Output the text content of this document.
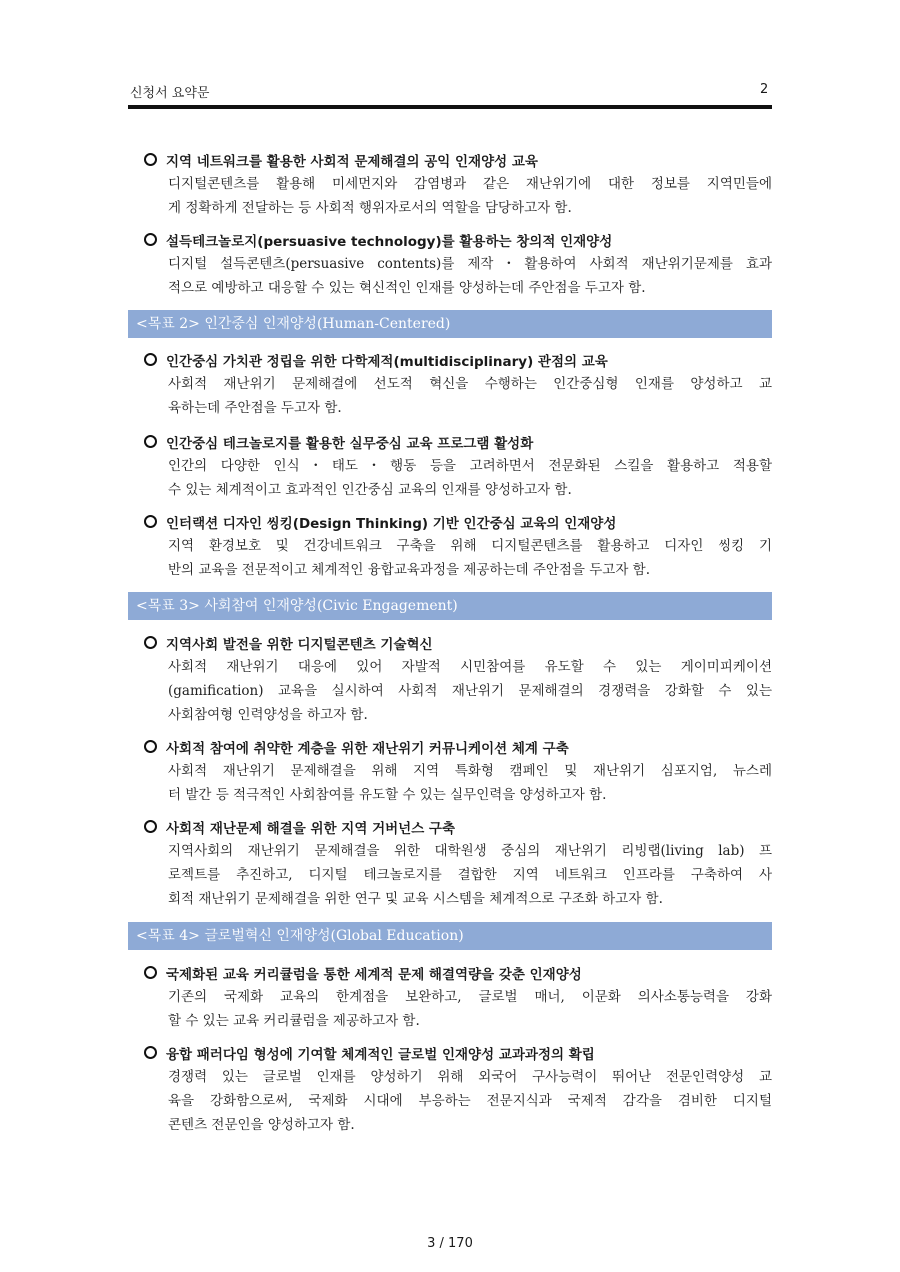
신청서 요약문	2
지역 네트워크를 활용한 사회적 문제해결의 공익 인재양성 교육
디지털콘텐츠를 활용해 미세먼지와 감염병과 같은 재난위기에 대한 정보를 지역민들에
게 정확하게 전달하는 등 사회적 행위자로서의 역할을 담당하고자 함.
설득테크놀로지(persuasive technology)를 활용하는 창의적 인재양성
디지털 설득콘텐츠(persuasive contents)를 제작・활용하여 사회적 재난위기문제를 효과
적으로 예방하고 대응할 수 있는 혁신적인 인재를 양성하는데 주안점을 두고자 함.
<목표 2> 인간중심 인재양성(Human-Centered)
인간중심 가치관 정립을 위한 다학제적(multidisciplinary) 관점의 교육
사회적 재난위기 문제해결에 선도적 혁신을 수행하는 인간중심형 인재를 양성하고 교
육하는데 주안점을 두고자 함.
인간중심 테크놀로지를 활용한 실무중심 교육 프로그램 활성화
인간의 다양한 인식・태도・행동 등을 고려하면서 전문화된 스킬을 활용하고 적용할
수 있는 체계적이고 효과적인 인간중심 교육의 인재를 양성하고자 함.
인터랙션 디자인 씽킹(Design Thinking) 기반 인간중심 교육의 인재양성
지역 환경보호 및 건강네트워크 구축을 위해 디지털콘텐츠를 활용하고 디자인 씽킹 기
반의 교육을 전문적이고 체계적인 융합교육과정을 제공하는데 주안점을 두고자 함.
<목표 3> 사회참여 인재양성(Civic Engagement)
지역사회 발전을 위한 디지털콘텐츠 기술혁신
사회적 재난위기 대응에 있어 자발적 시민참여를 유도할 수 있는 게이미피케이션
(gamification) 교육을 실시하여 사회적 재난위기 문제해결의 경쟁력을 강화할 수 있는
사회참여형 인력양성을 하고자 함.
사회적 참여에 취약한 계층을 위한 재난위기 커뮤니케이션 체계 구축
사회적 재난위기 문제해결을 위해 지역 특화형 캠페인 및 재난위기 심포지엄, 뉴스레
터 발간 등 적극적인 사회참여를 유도할 수 있는 실무인력을 양성하고자 함.
사회적 재난문제 해결을 위한 지역 거버넌스 구축
지역사회의 재난위기 문제해결을 위한 대학원생 중심의 재난위기 리빙랩(living lab) 프
로젝트를 추진하고, 디지털 테크놀로지를 결합한 지역 네트워크 인프라를 구축하여 사
회적 재난위기 문제해결을 위한 연구 및 교육 시스템을 체계적으로 구조화 하고자 함.
<목표 4> 글로벌혁신 인재양성(Global Education)
국제화된 교육 커리큘럼을 통한 세계적 문제 해결역량을 갖춘 인재양성
기존의 국제화 교육의 한계점을 보완하고, 글로벌 매너, 이문화 의사소통능력을 강화
할 수 있는 교육 커리큘럼을 제공하고자 함.
융합 패러다임 형성에 기여할 체계적인 글로벌 인재양성 교과과정의 확립
경쟁력 있는 글로벌 인재를 양성하기 위해 외국어 구사능력이 뛰어난 전문인력양성 교
육을 강화함으로써, 국제화 시대에 부응하는 전문지식과 국제적 감각을 겸비한 디지털
콘텐츠 전문인을 양성하고자 함.
3 / 170
